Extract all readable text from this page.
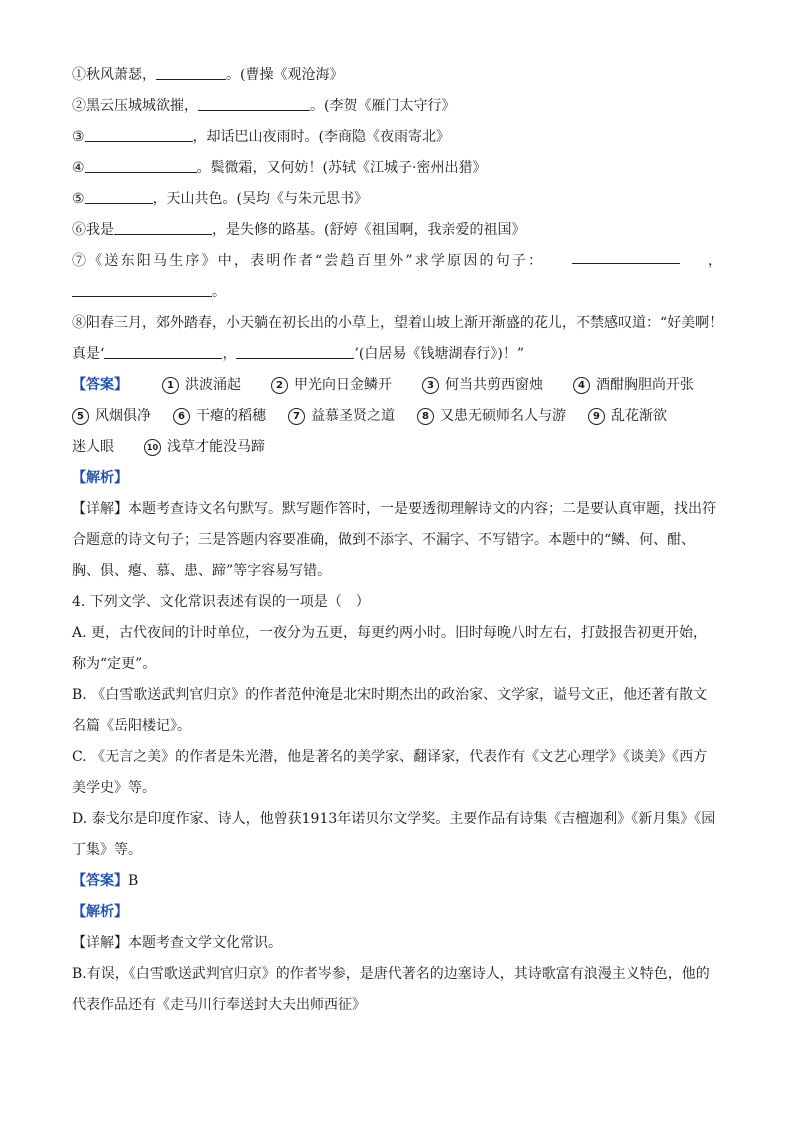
①秋风萧瑟，	。(曹操《观沧海》
②黑云压城城欲摧，	。(李贺《雁门太守行》
③	，却话巴山夜雨时。(李商隐《夜雨寄北》
④	。鬓微霜，又何妨！(苏轼《江城子·密州出猎》
⑤	，天山共色。(吴均《与朱元思书》
⑥我是	，是失修的路基。(舒婷《祖国啊，我亲爱的祖国》
⑦《送东阳马生序》中，表明作者“尝趋百里外”求学原因的句子：	，
。
⑧阳春三月，郊外踏春，小天躺在初长出的小草上，望着山坡上渐开渐盛的花儿，不禁感叹道：“好美啊！
真是‘	，	’(白居易《钱塘湖春行》)！”
【答案】	1 洪波涌起	2 甲光向日金鳞开	3 何当共剪西窗烛	4 酒酣胸胆尚开张
5 风烟俱净	6 干瘪的稻穗	7 益慕圣贤之道	8 又患无硕师名人与游	9 乱花渐欲
迷人眼	10 浅草才能没马蹄
【解析】
【详解】本题考查诗文名句默写。默写题作答时，一是要透彻理解诗文的内容；二是要认真审题，找出符
合题意的诗文句子；三是答题内容要准确，做到不添字、不漏字、不写错字。本题中的“鳞、何、酣、
胸、俱、瘪、慕、患、蹄”等字容易写错。
4. 下列文学、文化常识表述有误的一项是（　）
A. 更，古代夜间的计时单位，一夜分为五更，每更约两小时。旧时每晚八时左右，打鼓报告初更开始，
称为“定更”。
B. 《白雪歌送武判官归京》的作者范仲淹是北宋时期杰出的政治家、文学家，谥号文正，他还著有散文
名篇《岳阳楼记》。
C. 《无言之美》的作者是朱光潜，他是著名的美学家、翻译家，代表作有《文艺心理学》《谈美》《西方
美学史》等。
D. 泰戈尔是印度作家、诗人，他曾获1913年诺贝尔文学奖。主要作品有诗集《吉檀迦利》《新月集》《园
丁集》等。
【答案】B
【解析】
【详解】本题考查文学文化常识。
B.有误，《白雪歌送武判官归京》的作者岑参，是唐代著名的边塞诗人，其诗歌富有浪漫主义特色，他的
代表作品还有《走马川行奉送封大夫出师西征》
